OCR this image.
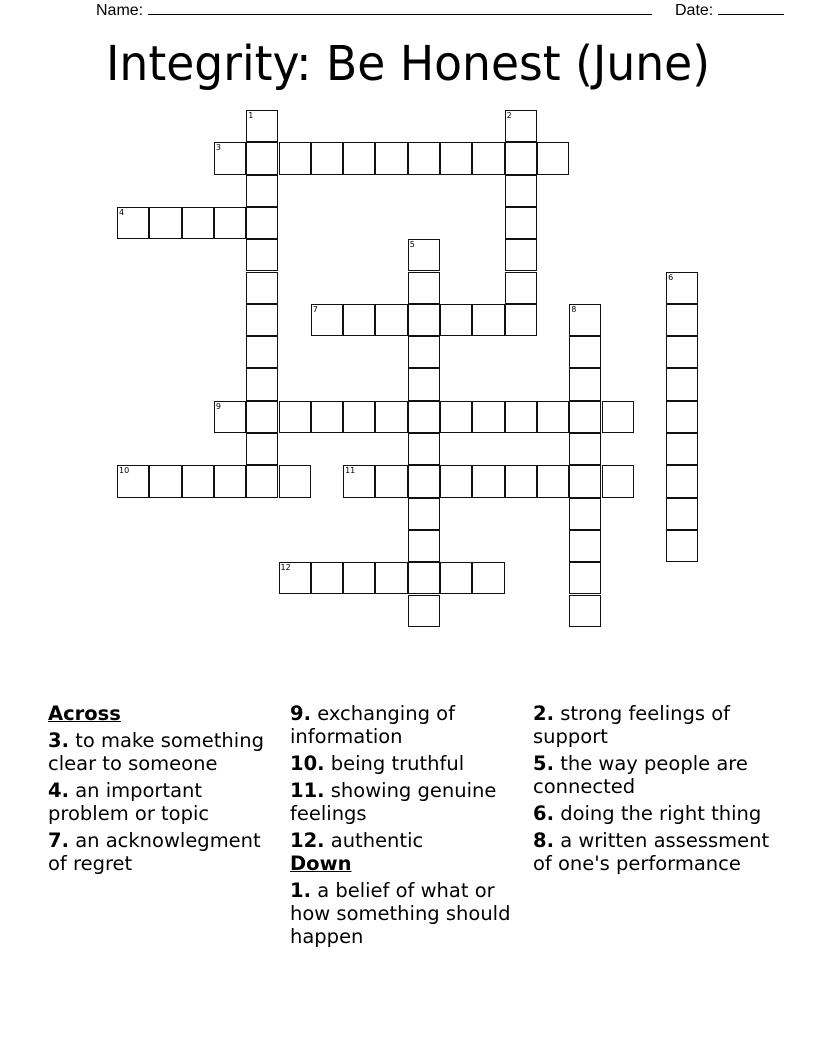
Name:	Date:
Integrity: Be Honest (June)
1	2
3
4
5
6
7	8
9
10	11
12
Across
3. to make something clear to someone
4. an important problem or topic
7. an acknowlegment of regret
9. exchanging of information
10. being truthful
11. showing genuine feelings
12. authentic
Down
1. a belief of what or how something should happen
2. strong feelings of support
5. the way people are connected
6. doing the right thing
8. a written assessment of one's performance
